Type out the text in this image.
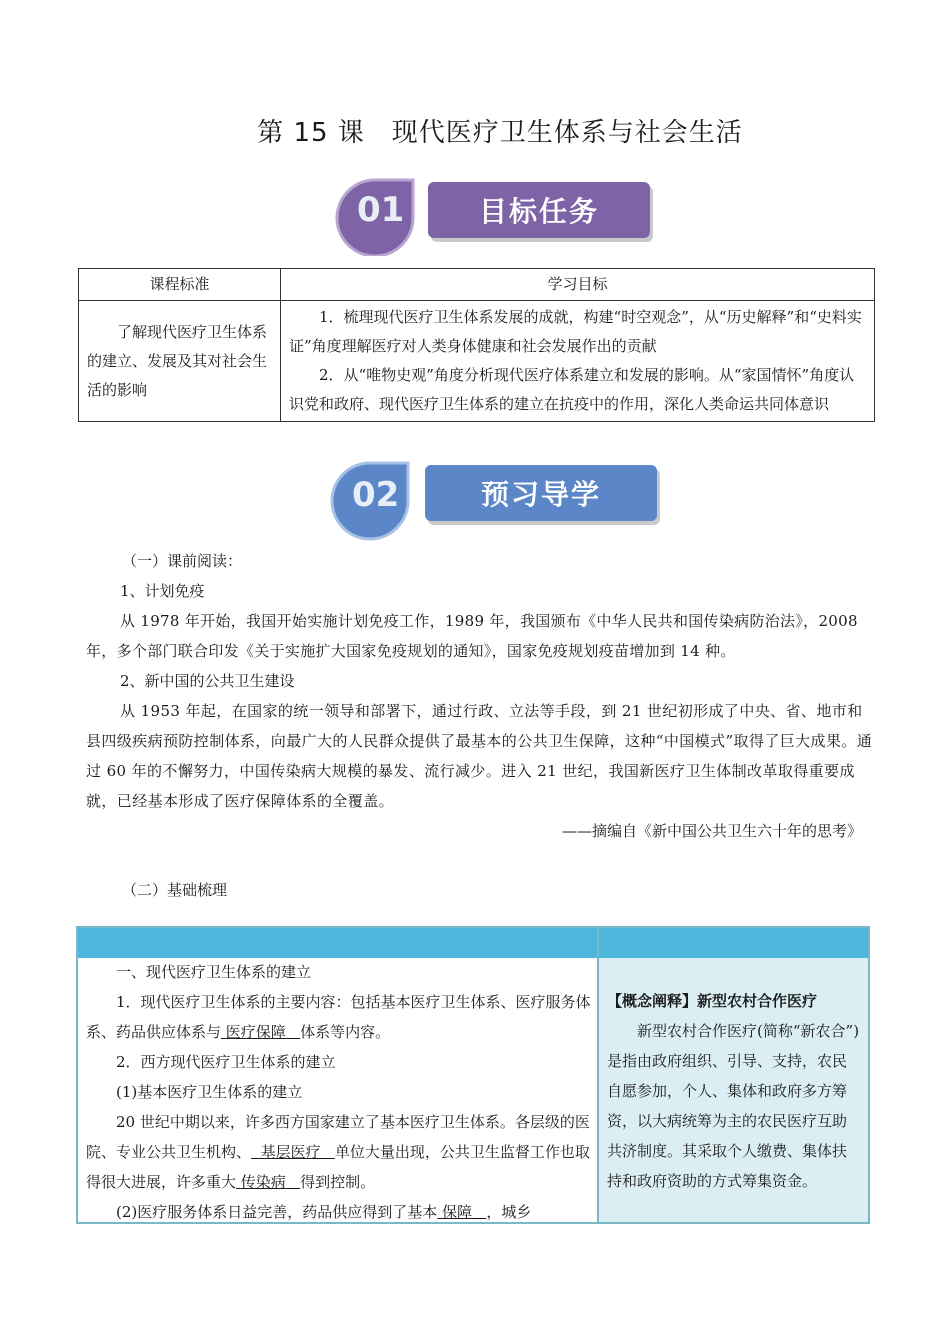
第 15 课　现代医疗卫生体系与社会生活
01	目标任务
课程标准	学习目标

了解现代医疗卫生体系的建立、发展及其对社会生活的影响	1．梳理现代医疗卫生体系发展的成就，构建“时空观念”，从“历史解释”和“史料实证”角度理解医疗对人类身体健康和社会发展作出的贡献
2．从“唯物史观”角度分析现代医疗体系建立和发展的影响。从“家国情怀”角度认识党和政府、现代医疗卫生体系的建立在抗疫中的作用，深化人类命运共同体意识
02	预习导学
（一）课前阅读：
1、计划免疫
从 1978 年开始，我国开始实施计划免疫工作，1989 年，我国颁布《中华人民共和国传染病防治法》，2008 年，多个部门联合印发《关于实施扩大国家免疫规划的通知》，国家免疫规划疫苗增加到 14 种。
2、新中国的公共卫生建设
从 1953 年起，在国家的统一领导和部署下，通过行政、立法等手段，到 21 世纪初形成了中央、省、地市和县四级疾病预防控制体系，向最广大的人民群众提供了最基本的公共卫生保障，这种“中国模式”取得了巨大成果。通过 60 年的不懈努力，中国传染病大规模的暴发、流行减少。进入 21 世纪，我国新医疗卫生体制改革取得重要成就，已经基本形成了医疗保障体系的全覆盖。
——摘编自《新中国公共卫生六十年的思考》
（二）基础梳理
一、现代医疗卫生体系的建立
1．现代医疗卫生体系的主要内容：包括基本医疗卫生体系、医疗服务体系、药品供应体系与 医疗保障 体系等内容。
2．西方现代医疗卫生体系的建立
(1)基本医疗卫生体系的建立
20 世纪中期以来，许多西方国家建立了基本医疗卫生体系。各层级的医院、专业公共卫生机构、 基层医疗 单位大量出现，公共卫生监督工作也取得很大进展，许多重大 传染病 得到控制。
(2)医疗服务体系日益完善，药品供应得到了基本 保障 ，城乡
【概念阐释】新型农村合作医疗
新型农村合作医疗(简称“新农合”)是指由政府组织、引导、支持，农民自愿参加，个人、集体和政府多方筹资，以大病统筹为主的农民医疗互助共济制度。其采取个人缴费、集体扶持和政府资助的方式筹集资金。
